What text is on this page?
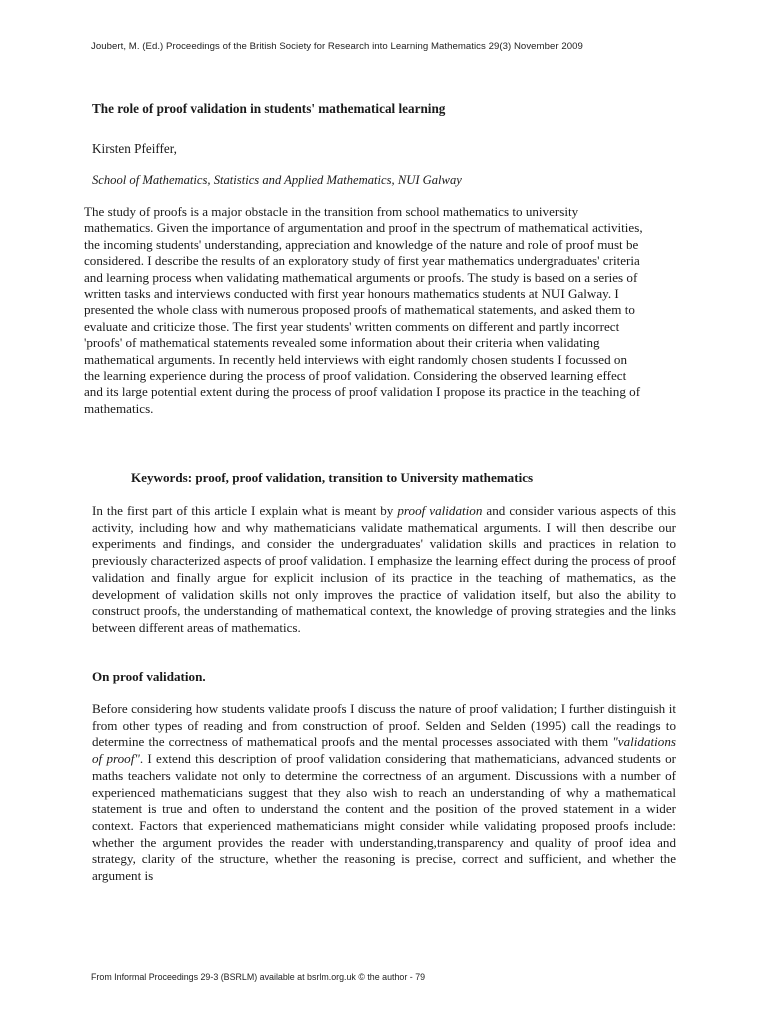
Joubert, M. (Ed.) Proceedings of the British Society for Research into Learning Mathematics 29(3) November 2009
The role of proof validation in students' mathematical learning
Kirsten Pfeiffer,
School of Mathematics, Statistics and Applied Mathematics, NUI Galway

The study of proofs is a major obstacle in the transition from school mathematics to university mathematics. Given the importance of argumentation and proof in the spectrum of mathematical activities, the incoming students' understanding, appreciation and knowledge of the nature and role of proof must be considered. I describe the results of an exploratory study of first year mathematics undergraduates' criteria and learning process when validating mathematical arguments or proofs. The study is based on a series of written tasks and interviews conducted with first year honours mathematics students at NUI Galway. I presented the whole class with numerous proposed proofs of mathematical statements, and asked them to evaluate and criticize those. The first year students' written comments on different and partly incorrect 'proofs' of mathematical statements revealed some information about their criteria when validating mathematical arguments. In recently held interviews with eight randomly chosen students I focussed on the learning experience during the process of proof validation. Considering the observed learning effect and its large potential extent during the process of proof validation I propose its practice in the teaching of mathematics.

Keywords: proof, proof validation, transition to University mathematics

In the first part of this article I explain what is meant by proof validation and consider various aspects of this activity, including how and why mathematicians validate mathematical arguments. I will then describe our experiments and findings, and consider the undergraduates' validation skills and practices in relation to previously characterized aspects of proof validation. I emphasize the learning effect during the process of proof validation and finally argue for explicit inclusion of its practice in the teaching of mathematics, as the development of validation skills not only improves the practice of validation itself, but also the ability to construct proofs, the understanding of mathematical context, the knowledge of proving strategies and the links between different areas of mathematics.

On proof validation.

Before considering how students validate proofs I discuss the nature of proof validation; I further distinguish it from other types of reading and from construction of proof. Selden and Selden (1995) call the readings to determine the correctness of mathematical proofs and the mental processes associated with them "validations of proof". I extend this description of proof validation considering that mathematicians, advanced students or maths teachers validate not only to determine the correctness of an argument. Discussions with a number of experienced mathematicians suggest that they also wish to reach an understanding of why a mathematical statement is true and often to understand the content and the position of the proved statement in a wider context. Factors that experienced mathematicians might consider while validating proposed proofs include: whether the argument provides the reader with understanding,transparency and quality of proof idea and strategy, clarity of the structure, whether the reasoning is precise, correct and sufficient, and whether the argument is

From Informal Proceedings 29-3 (BSRLM) available at bsrlm.org.uk © the author - 79
